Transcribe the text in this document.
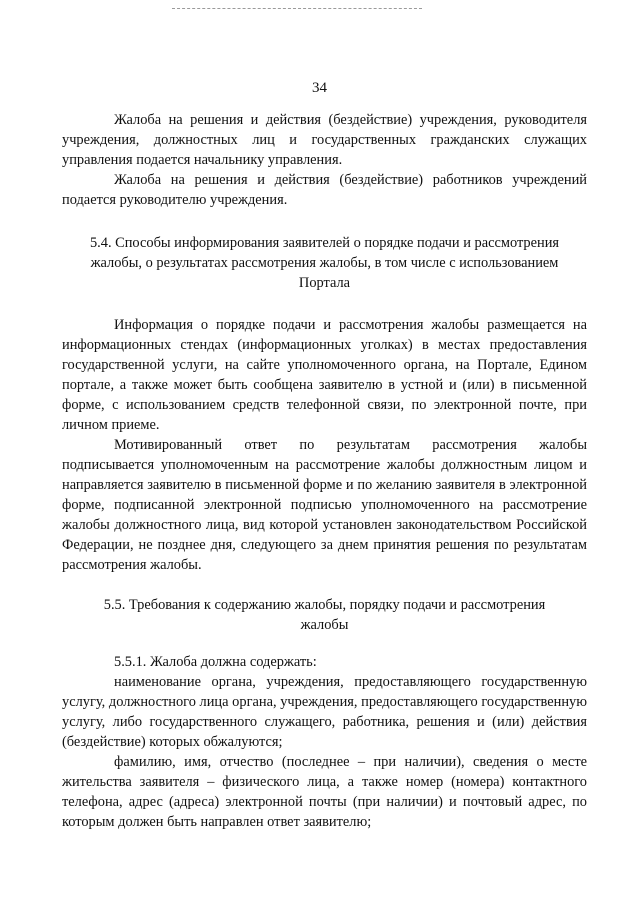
34

Жалоба на решения и действия (бездействие) учреждения, руководителя учреждения, должностных лиц и государственных гражданских служащих управления подается начальнику управления.

Жалоба на решения и действия (бездействие) работников учреждений подается руководителю учреждения.

5.4. Способы информирования заявителей о порядке подачи и рассмотрения жалобы, о результатах рассмотрения жалобы, в том числе с использованием Портала

Информация о порядке подачи и рассмотрения жалобы размещается на информационных стендах (информационных уголках) в местах предоставления государственной услуги, на сайте уполномоченного органа, на Портале, Едином портале, а также может быть сообщена заявителю в устной и (или) в письменной форме, с использованием средств телефонной связи, по электронной почте, при личном приеме.

Мотивированный ответ по результатам рассмотрения жалобы подписывается уполномоченным на рассмотрение жалобы должностным лицом и направляется заявителю в письменной форме и по желанию заявителя в электронной форме, подписанной электронной подписью уполномоченного на рассмотрение жалобы должностного лица, вид которой установлен законодательством Российской Федерации, не позднее дня, следующего за днем принятия решения по результатам рассмотрения жалобы.

5.5. Требования к содержанию жалобы, порядку подачи и рассмотрения жалобы

5.5.1. Жалоба должна содержать:

наименование органа, учреждения, предоставляющего государственную услугу, должностного лица органа, учреждения, предоставляющего государственную услугу, либо государственного служащего, работника, решения и (или) действия (бездействие) которых обжалуются;

фамилию, имя, отчество (последнее – при наличии), сведения о месте жительства заявителя – физического лица, а также номер (номера) контактного телефона, адрес (адреса) электронной почты (при наличии) и почтовый адрес, по которым должен быть направлен ответ заявителю;
